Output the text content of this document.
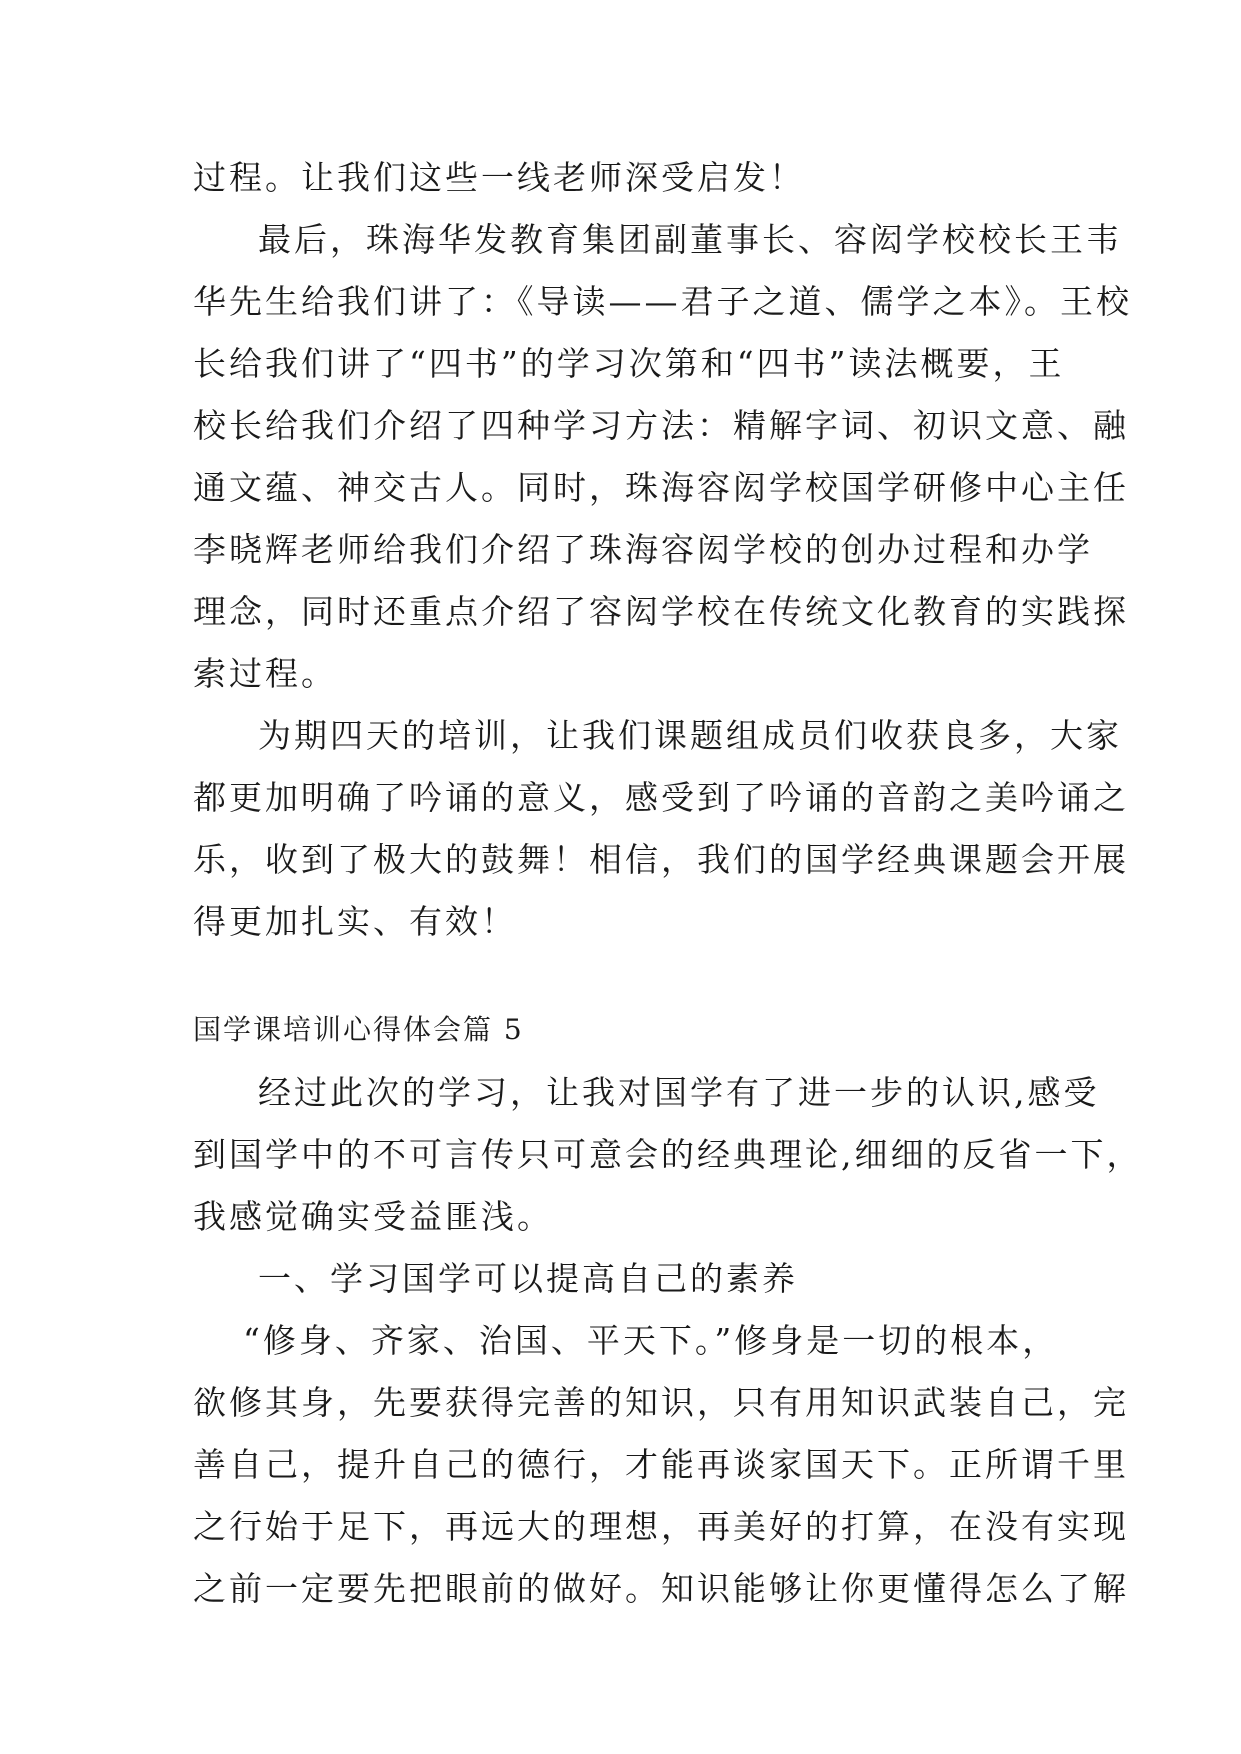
过程。让我们这些一线老师深受启发！
最后，珠海华发教育集团副董事长、容闳学校校长王韦
华先生给我们讲了：《导读——君子之道、儒学之本》。王校
长给我们讲了“四书”的学习次第和“四书”读法概要，王
校长给我们介绍了四种学习方法：精解字词、初识文意、融
通文蕴、神交古人。同时，珠海容闳学校国学研修中心主任
李晓辉老师给我们介绍了珠海容闳学校的创办过程和办学
理念，同时还重点介绍了容闳学校在传统文化教育的实践探
索过程。
为期四天的培训，让我们课题组成员们收获良多，大家
都更加明确了吟诵的意义，感受到了吟诵的音韵之美吟诵之
乐，收到了极大的鼓舞！相信，我们的国学经典课题会开展
得更加扎实、有效！
国学课培训心得体会篇 5
经过此次的学习，让我对国学有了进一步的认识,感受
到国学中的不可言传只可意会的经典理论,细细的反省一下，
我感觉确实受益匪浅。
一、学习国学可以提高自己的素养
“修身、齐家、治国、平天下。”修身是一切的根本，
欲修其身，先要获得完善的知识，只有用知识武装自己，完
善自己，提升自己的德行，才能再谈家国天下。正所谓千里
之行始于足下，再远大的理想，再美好的打算，在没有实现
之前一定要先把眼前的做好。知识能够让你更懂得怎么了解
